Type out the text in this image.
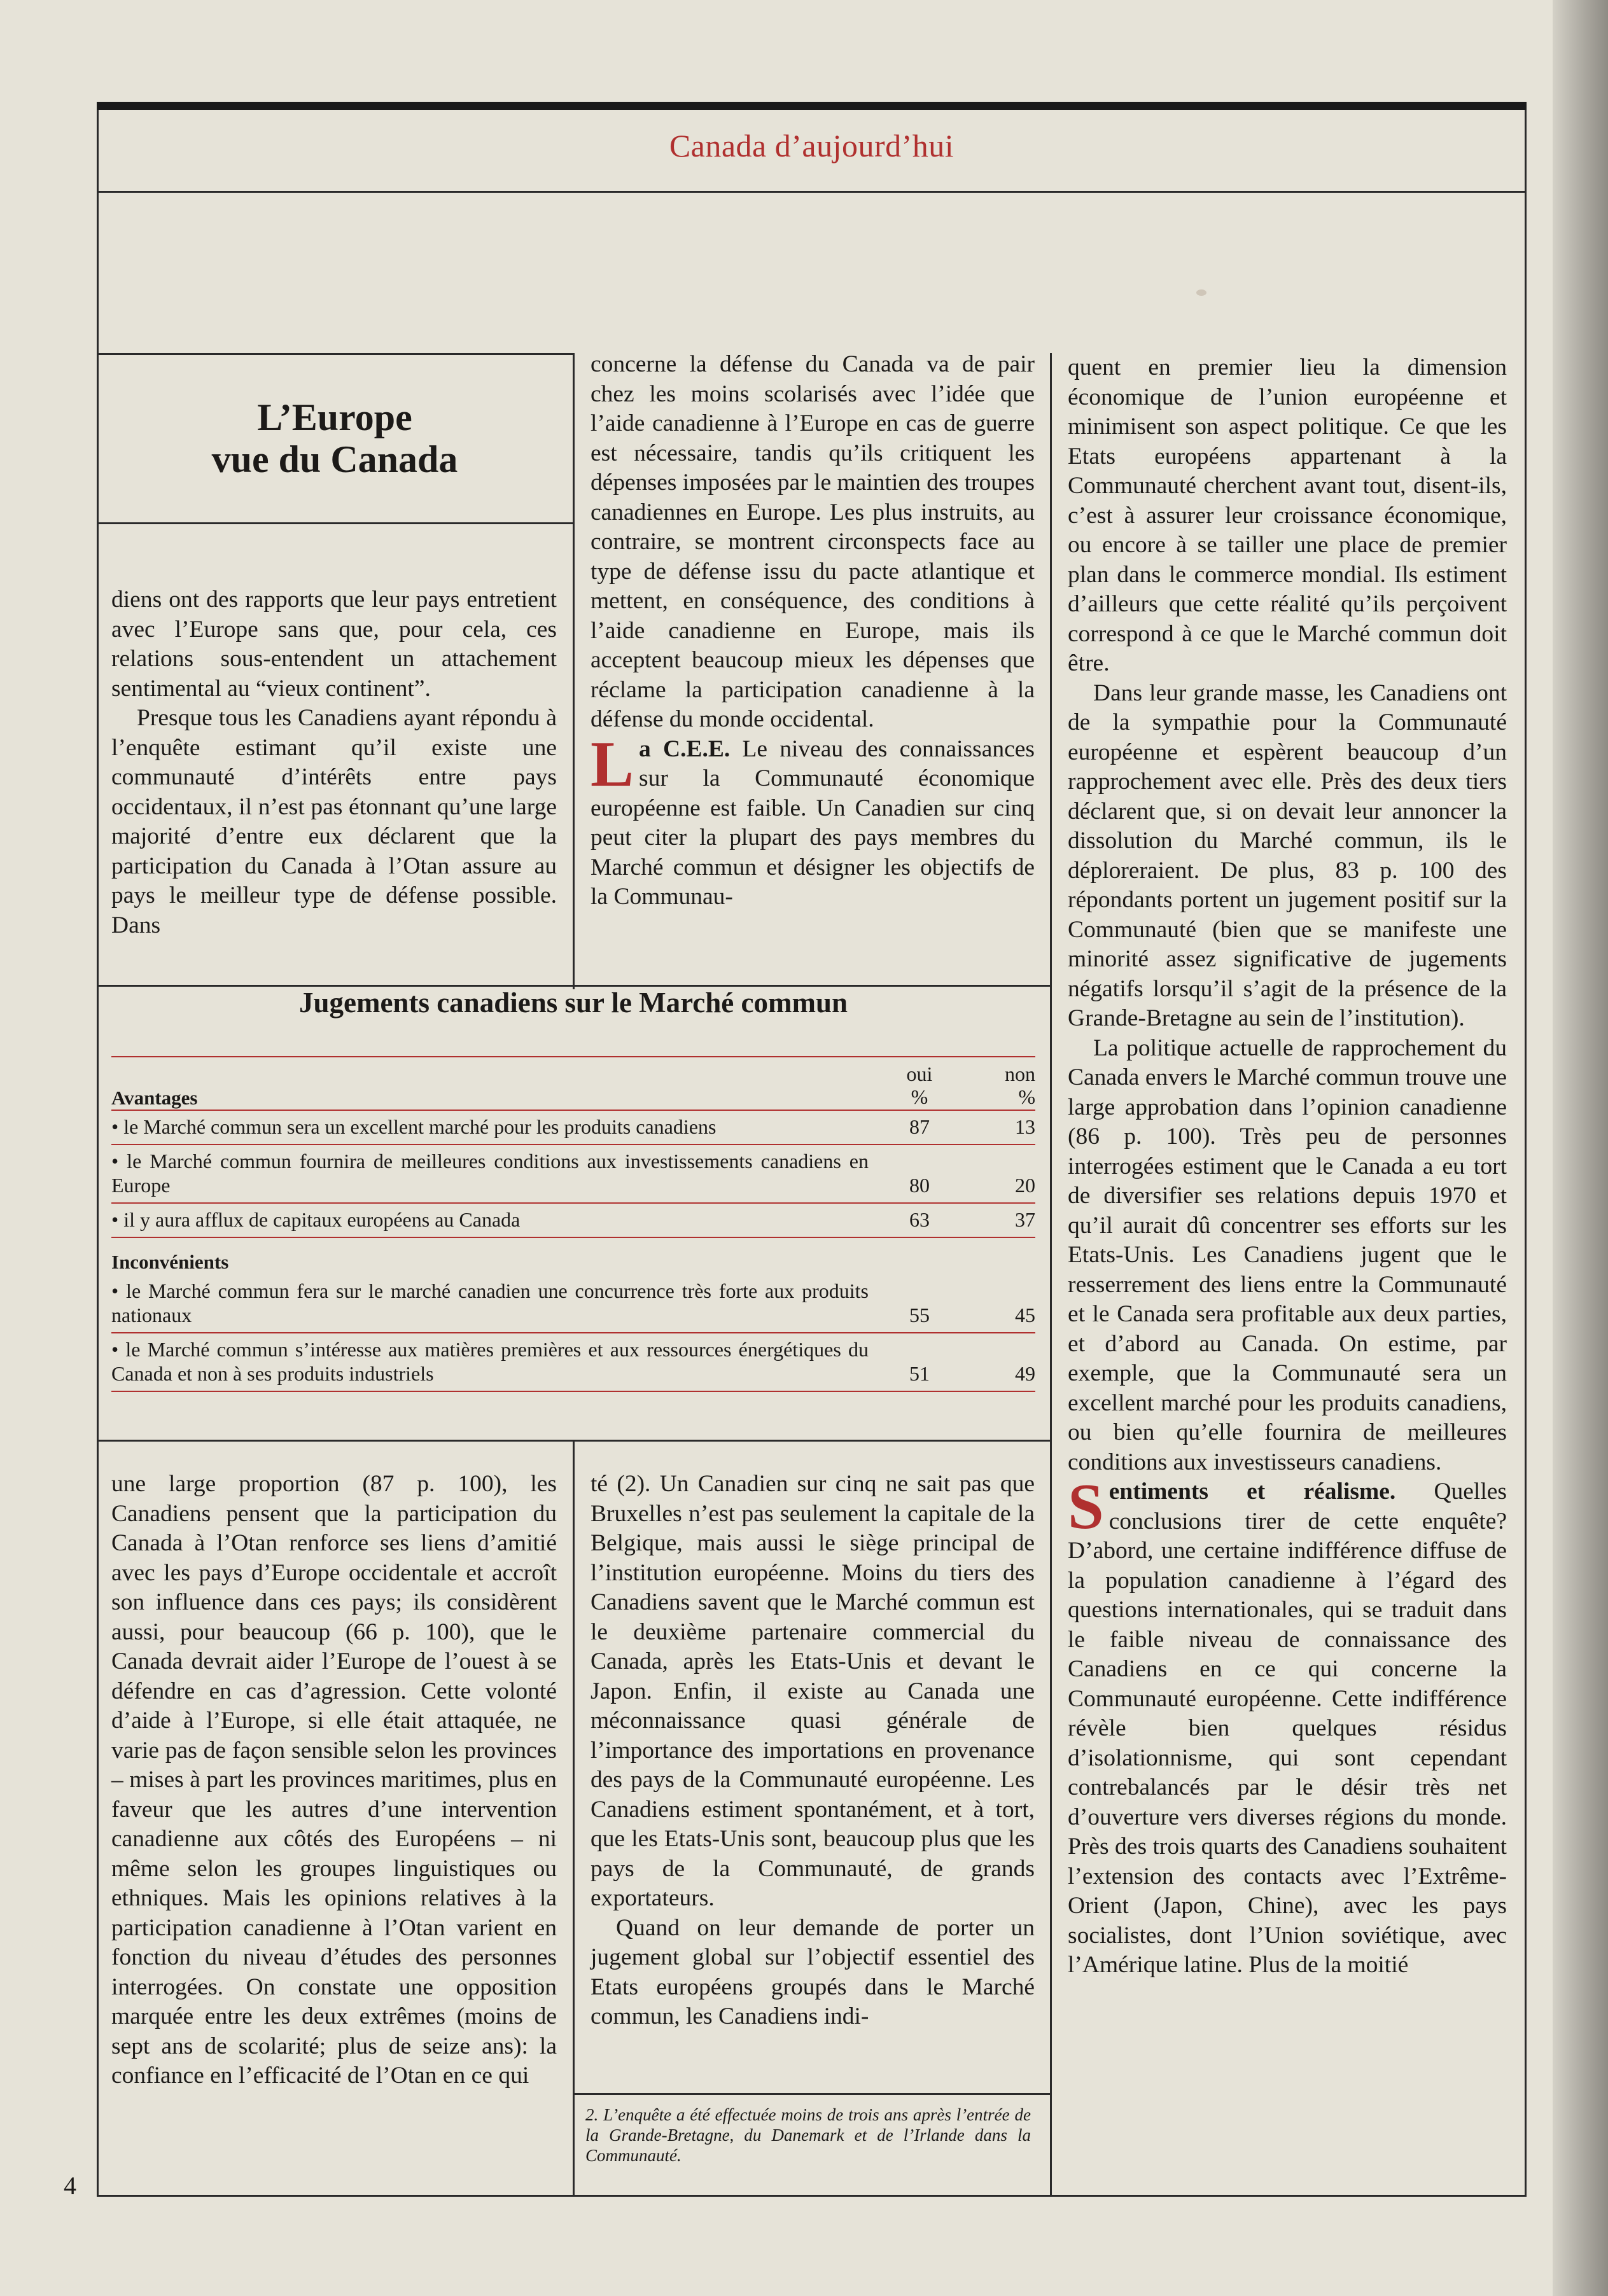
Canada d’aujourd’hui
L’Europe
vue du Canada

diens ont des rapports que leur pays entretient avec l’Europe sans que, pour cela, ces relations sous-entendent un attachement sentimental au “vieux continent”.

Presque tous les Canadiens ayant répondu à l’enquête estimant qu’il existe une communauté d’intérêts entre pays occidentaux, il n’est pas étonnant qu’une large majorité d’entre eux déclarent que la participation du Canada à l’Otan assure au pays le meilleur type de défense possible. Dans

concerne la défense du Canada va de pair chez les moins scolarisés avec l’idée que l’aide canadienne à l’Europe en cas de guerre est nécessaire, tandis qu’ils critiquent les dépenses imposées par le maintien des troupes canadiennes en Europe. Les plus instruits, au contraire, se montrent circonspects face au type de défense issu du pacte atlantique et mettent, en conséquence, des conditions à l’aide canadienne en Europe, mais ils acceptent beaucoup mieux les dépenses que réclame la participation canadienne à la défense du monde occidental.

La C.E.E. Le niveau des connaissances sur la Communauté économique européenne est faible. Un Canadien sur cinq peut citer la plupart des pays membres du Marché commun et désigner les objectifs de la Communau-

quent en premier lieu la dimension économique de l’union européenne et minimisent son aspect politique. Ce que les Etats européens appartenant à la Communauté cherchent avant tout, disent-ils, c’est à assurer leur croissance économique, ou encore à se tailler une place de premier plan dans le commerce mondial. Ils estiment d’ailleurs que cette réalité qu’ils perçoivent correspond à ce que le Marché commun doit être.

Dans leur grande masse, les Canadiens ont de la sympathie pour la Communauté européenne et espèrent beaucoup d’un rapprochement avec elle. Près des deux tiers déclarent que, si on devait leur annoncer la dissolution du Marché commun, ils le déploreraient. De plus, 83 p. 100 des répondants portent un jugement positif sur la Communauté (bien que se manifeste une minorité assez significative de jugements négatifs lorsqu’il s’agit de la présence de la Grande-Bretagne au sein de l’institution).

La politique actuelle de rapprochement du Canada envers le Marché commun trouve une large approbation dans l’opinion canadienne (86 p. 100). Très peu de personnes interrogées estiment que le Canada a eu tort de diversifier ses relations depuis 1970 et qu’il aurait dû concentrer ses efforts sur les Etats-Unis. Les Canadiens jugent que le resserrement des liens entre la Communauté et le Canada sera profitable aux deux parties, et d’abord au Canada. On estime, par exemple, que la Communauté sera un excellent marché pour les produits canadiens, ou bien qu’elle fournira de meilleures conditions aux investisseurs canadiens.

Sentiments et réalisme. Quelles conclusions tirer de cette enquête? D’abord, une certaine indifférence diffuse de la population canadienne à l’égard des questions internationales, qui se traduit dans le faible niveau de connaissance des Canadiens en ce qui concerne la Communauté européenne. Cette indifférence révèle bien quelques résidus d’isolationnisme, qui sont cependant contrebalancés par le désir très net d’ouverture vers diverses régions du monde. Près des trois quarts des Canadiens souhaitent l’extension des contacts avec l’Extrême-Orient (Japon, Chine), avec les pays socialistes, dont l’Union soviétique, avec l’Amérique latine. Plus de la moitié

Jugements canadiens sur le Marché commun
oui	non
%	%
Avantages
• le Marché commun sera un excellent marché pour les produits canadiens	87	13
• le Marché commun fournira de meilleures conditions aux investissements canadiens en Europe	80	20
• il y aura afflux de capitaux européens au Canada	63	37
Inconvénients
• le Marché commun fera sur le marché canadien une concurrence très forte aux produits nationaux	55	45
• le Marché commun s’intéresse aux matières premières et aux ressources énergétiques du Canada et non à ses produits industriels	51	49

une large proportion (87 p. 100), les Canadiens pensent que la participation du Canada à l’Otan renforce ses liens d’amitié avec les pays d’Europe occidentale et accroît son influence dans ces pays; ils considèrent aussi, pour beaucoup (66 p. 100), que le Canada devrait aider l’Europe de l’ouest à se défendre en cas d’agression. Cette volonté d’aide à l’Europe, si elle était attaquée, ne varie pas de façon sensible selon les provinces – mises à part les provinces maritimes, plus en faveur que les autres d’une intervention canadienne aux côtés des Européens – ni même selon les groupes linguistiques ou ethniques. Mais les opinions relatives à la participation canadienne à l’Otan varient en fonction du niveau d’études des personnes interrogées. On constate une opposition marquée entre les deux extrêmes (moins de sept ans de scolarité; plus de seize ans): la confiance en l’efficacité de l’Otan en ce qui

té (2). Un Canadien sur cinq ne sait pas que Bruxelles n’est pas seulement la capitale de la Belgique, mais aussi le siège principal de l’institution européenne. Moins du tiers des Canadiens savent que le Marché commun est le deuxième partenaire commercial du Canada, après les Etats-Unis et devant le Japon. Enfin, il existe au Canada une méconnaissance quasi générale de l’importance des importations en provenance des pays de la Communauté européenne. Les Canadiens estiment spontanément, et à tort, que les Etats-Unis sont, beaucoup plus que les pays de la Communauté, de grands exportateurs.

Quand on leur demande de porter un jugement global sur l’objectif essentiel des Etats européens groupés dans le Marché commun, les Canadiens indi-

2. L’enquête a été effectuée moins de trois ans après l’entrée de la Grande-Bretagne, du Danemark et de l’Irlande dans la Communauté.
4
